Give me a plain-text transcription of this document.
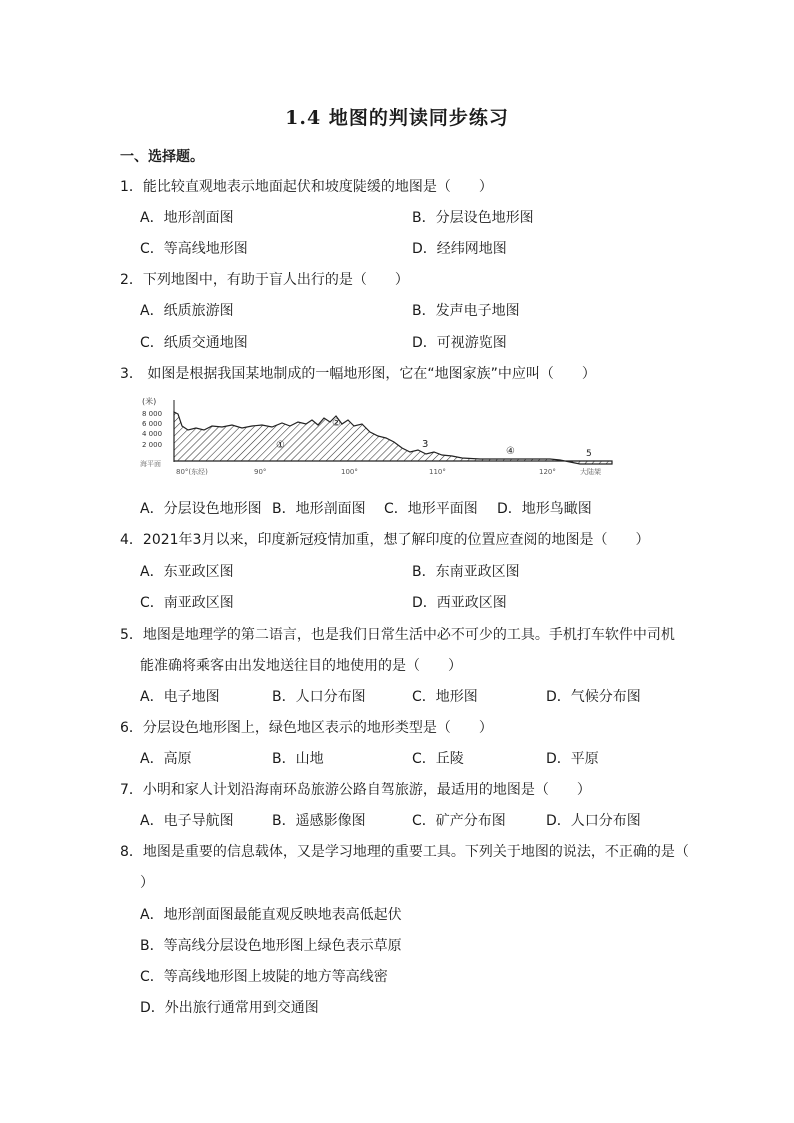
1.4 地图的判读同步练习
一、选择题。
1．能比较直观地表示地面起伏和坡度陡缓的地图是（　　）
A．地形剖面图	B．分层设色地形图
C．等高线地形图	D．经纬网地图
2．下列地图中，有助于盲人出行的是（　　）
A．纸质旅游图	B．发声电子地图
C．纸质交通地图	D．可视游览图
3． 如图是根据我国某地制成的一幅地形图，它在“地图家族”中应叫（　　）
(米)
8 000
6 000
4 000
2 000
海平面
①
②
3
④	5
大陆架
80°(东经)	90°	100°	110°	120°
A．分层设色地形图 B．地形剖面图 C．地形平面图 D．地形鸟瞰图
4．2021年3月以来，印度新冠疫情加重，想了解印度的位置应查阅的地图是（　　）
A．东亚政区图	B．东南亚政区图
C．南亚政区图	D．西亚政区图
5．地图是地理学的第二语言，也是我们日常生活中必不可少的工具。手机打车软件中司机
能准确将乘客由出发地送往目的地使用的是（　　）
A．电子地图	B．人口分布图	C．地形图	D．气候分布图
6．分层设色地形图上，绿色地区表示的地形类型是（　　）
A．高原	B．山地	C．丘陵	D．平原
7．小明和家人计划沿海南环岛旅游公路自驾旅游，最适用的地图是（　　）
A．电子导航图	B．遥感影像图	C．矿产分布图	D．人口分布图
8．地图是重要的信息载体，又是学习地理的重要工具。下列关于地图的说法，不正确的是（
）
A．地形剖面图最能直观反映地表高低起伏
B．等高线分层设色地形图上绿色表示草原
C．等高线地形图上坡陡的地方等高线密
D．外出旅行通常用到交通图
